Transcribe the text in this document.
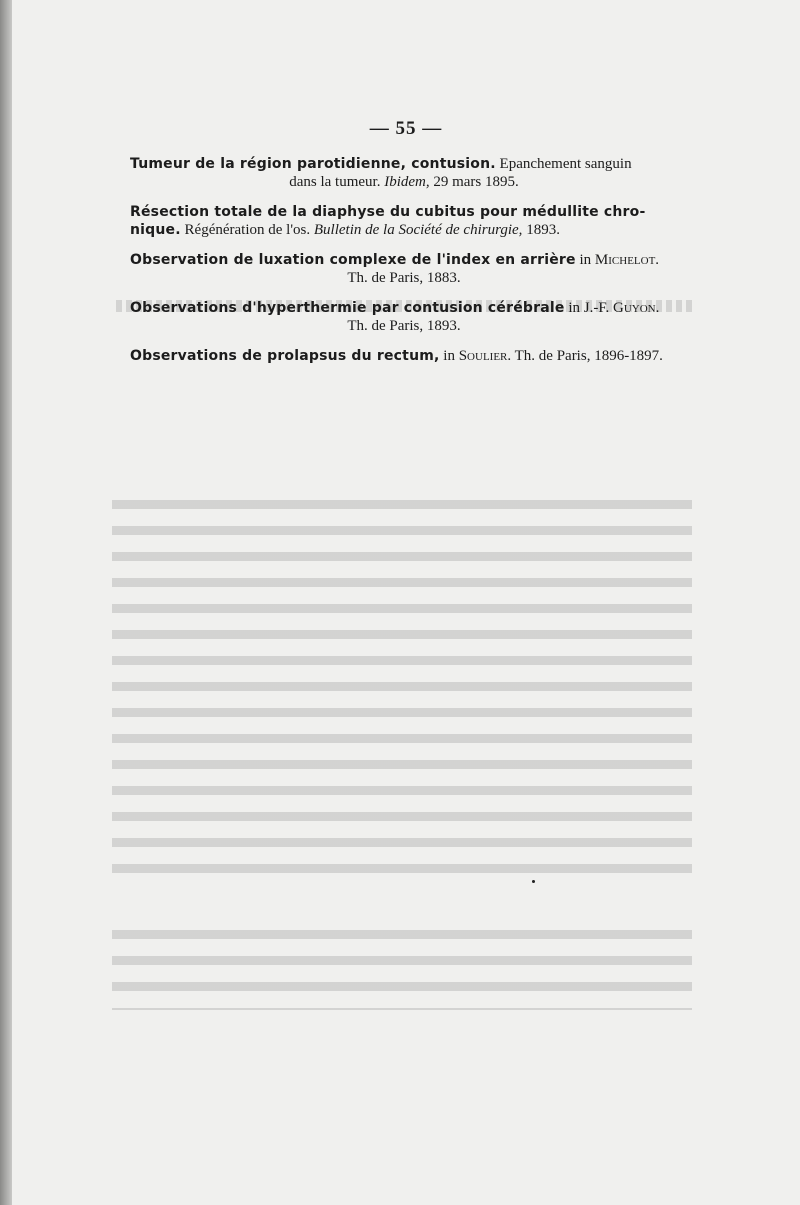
— 55 —

Tumeur de la région parotidienne, contusion. Epanchement sanguin
dans la tumeur. Ibidem, 29 mars 1895.

Résection totale de la diaphyse du cubitus pour médullite chro-
nique. Régénération de l'os. Bulletin de la Société de chirurgie, 1893.

Observation de luxation complexe de l'index en arrière in Michelot.
Th. de Paris, 1883.

Observations d'hyperthermie par contusion cérébrale in J.-F. Guyon.
Th. de Paris, 1893.

Observations de prolapsus du rectum, in Soulier. Th. de Paris, 1896-1897.
